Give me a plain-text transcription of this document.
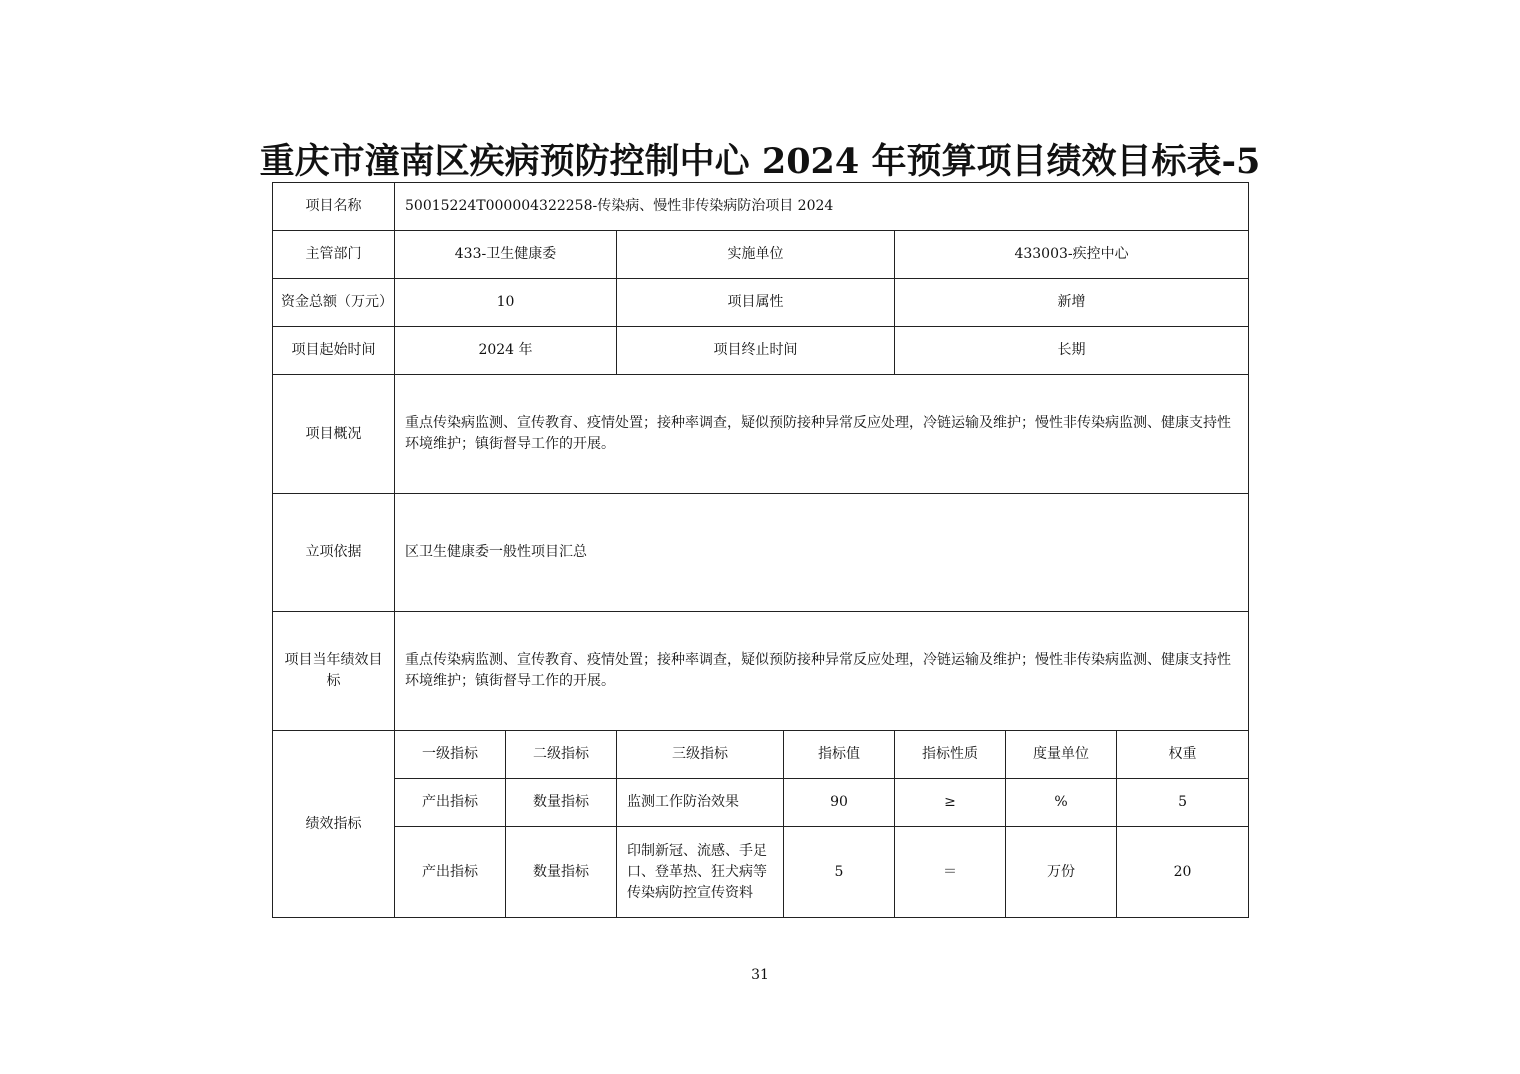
重庆市潼南区疾病预防控制中心 2024 年预算项目绩效目标表-5
项目名称	50015224T000004322258-传染病、慢性非传染病防治项目 2024						
主管部门	433-卫生健康委		实施单位		433003-疾控中心		
资金总额（万元）	10		项目属性		新增		
项目起始时间	2024 年		项目终止时间		长期		
项目概况	重点传染病监测、宣传教育、疫情处置；接种率调查，疑似预防接种异常反应处理，冷链运输及维护；慢性非传染病监测、健康支持性环境维护；镇街督导工作的开展。						
立项依据	区卫生健康委一般性项目汇总						
项目当年绩效目标	重点传染病监测、宣传教育、疫情处置；接种率调查，疑似预防接种异常反应处理，冷链运输及维护；慢性非传染病监测、健康支持性环境维护；镇街督导工作的开展。						
绩效指标	一级指标	二级指标	三级指标	指标值	指标性质	度量单位	权重
	产出指标	数量指标	监测工作防治效果	90	≥	%	5
	产出指标	数量指标	印制新冠、流感、手足口、登革热、狂犬病等传染病防控宣传资料	5	＝	万份	20
31
